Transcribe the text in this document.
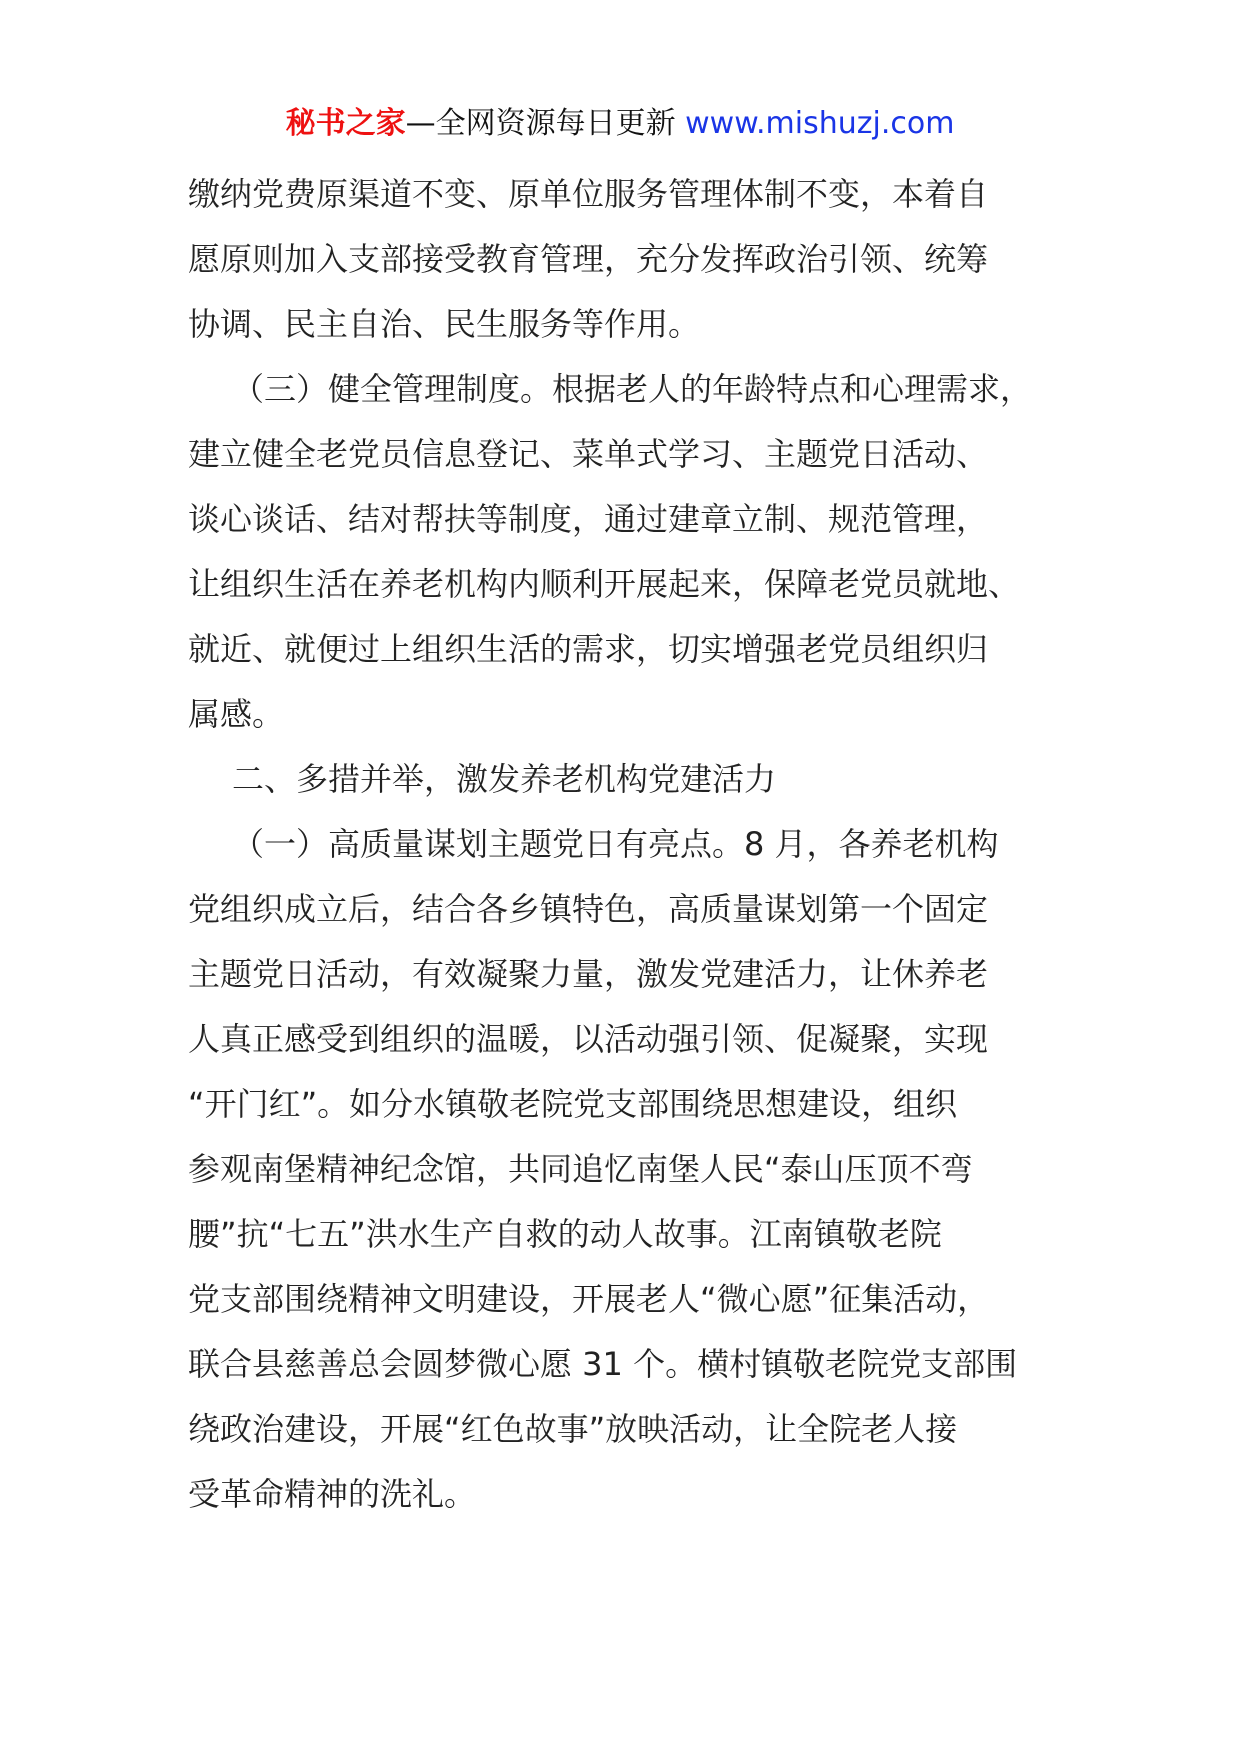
秘书之家—全网资源每日更新 www.mishuzj.com
缴纳党费原渠道不变、原单位服务管理体制不变，本着自
愿原则加入支部接受教育管理，充分发挥政治引领、统筹
协调、民主自治、民生服务等作用。
（三）健全管理制度。根据老人的年龄特点和心理需求，
建立健全老党员信息登记、菜单式学习、主题党日活动、
谈心谈话、结对帮扶等制度，通过建章立制、规范管理，
让组织生活在养老机构内顺利开展起来，保障老党员就地、
就近、就便过上组织生活的需求，切实增强老党员组织归
属感。
二、多措并举，激发养老机构党建活力
（一）高质量谋划主题党日有亮点。8 月，各养老机构
党组织成立后，结合各乡镇特色，高质量谋划第一个固定
主题党日活动，有效凝聚力量，激发党建活力，让休养老
人真正感受到组织的温暖，以活动强引领、促凝聚，实现
“开门红”。如分水镇敬老院党支部围绕思想建设，组织
参观南堡精神纪念馆，共同追忆南堡人民“泰山压顶不弯
腰”抗“七五”洪水生产自救的动人故事。江南镇敬老院
党支部围绕精神文明建设，开展老人“微心愿”征集活动，
联合县慈善总会圆梦微心愿 31 个。横村镇敬老院党支部围
绕政治建设，开展“红色故事”放映活动，让全院老人接
受革命精神的洗礼。
